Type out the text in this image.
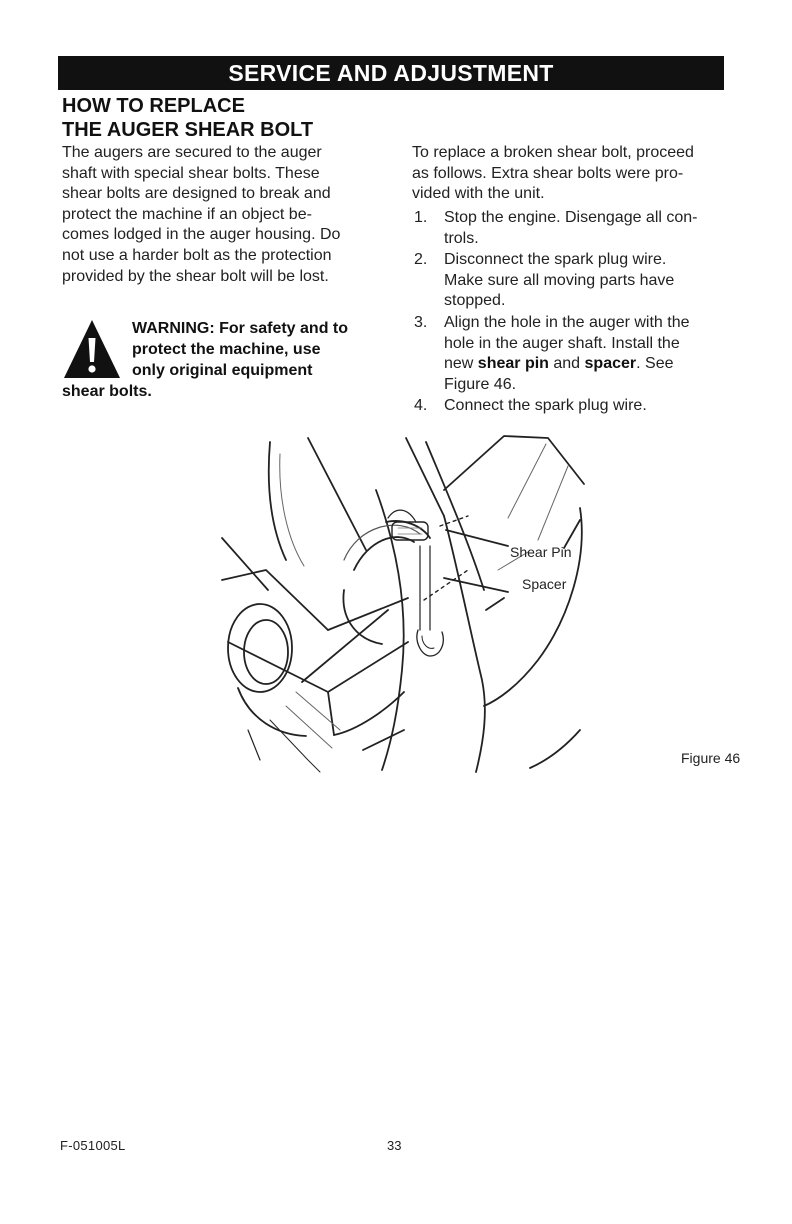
SERVICE AND ADJUSTMENT
HOW TO REPLACE
THE AUGER SHEAR BOLT
The augers are secured to the auger
shaft with special shear bolts. These
shear bolts are designed to break and
protect the machine if an object be-
comes lodged in the auger housing. Do
not use a harder bolt as the protection
provided by the shear bolt will be lost.
WARNING: For safety and to
protect the machine, use
only original equipment
shear bolts.
To replace a broken shear bolt, proceed
as follows. Extra shear bolts were pro-
vided with the unit.
1. Stop the engine. Disengage all con-
trols.
2. Disconnect the spark plug wire.
Make sure all moving parts have
stopped.
3. Align the hole in the auger with the
hole in the auger shaft. Install the
new shear pin and spacer. See
Figure 46.
4. Connect the spark plug wire.
Shear Pin
Spacer
Figure 46
F-051005L	33
